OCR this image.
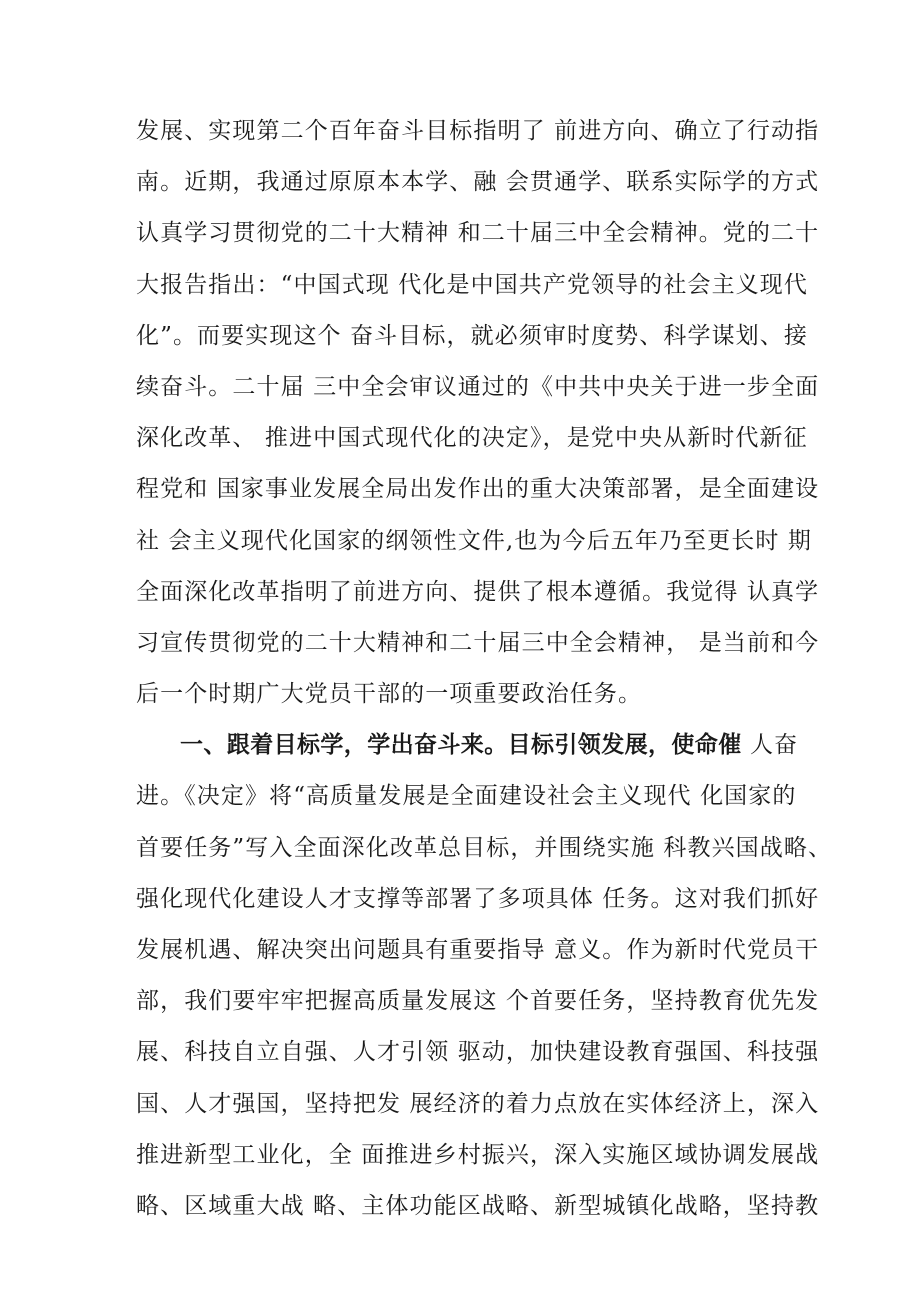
发展、实现第二个百年奋斗目标指明了 前进方向、确立了行动指
南。近期，我通过原原本本学、融 会贯通学、联系实际学的方式
认真学习贯彻党的二十大精神 和二十届三中全会精神。党的二十
大报告指出：“中国式现 代化是中国共产党领导的社会主义现代
化”。而要实现这个 奋斗目标，就必须审时度势、科学谋划、接
续奋斗。二十届 三中全会审议通过的《中共中央关于进一步全面
深化改革、 推进中国式现代化的决定》，是党中央从新时代新征
程党和 国家事业发展全局出发作出的重大决策部署，是全面建设
社 会主义现代化国家的纲领性文件,也为今后五年乃至更长时 期
全面深化改革指明了前进方向、提供了根本遵循。我觉得 认真学
习宣传贯彻党的二十大精神和二十届三中全会精神， 是当前和今
后一个时期广大党员干部的一项重要政治任务。
一、跟着目标学，学出奋斗来。目标引领发展，使命催 人奋
进。《决定》将“高质量发展是全面建设社会主义现代 化国家的
首要任务”写入全面深化改革总目标，并围绕实施 科教兴国战略、
强化现代化建设人才支撑等部署了多项具体 任务。这对我们抓好
发展机遇、解决突出问题具有重要指导 意义。作为新时代党员干
部，我们要牢牢把握高质量发展这 个首要任务，坚持教育优先发
展、科技自立自强、人才引领 驱动，加快建设教育强国、科技强
国、人才强国，坚持把发 展经济的着力点放在实体经济上，深入
推进新型工业化，全 面推进乡村振兴，深入实施区域协调发展战
略、区域重大战 略、主体功能区战略、新型城镇化战略，坚持教
